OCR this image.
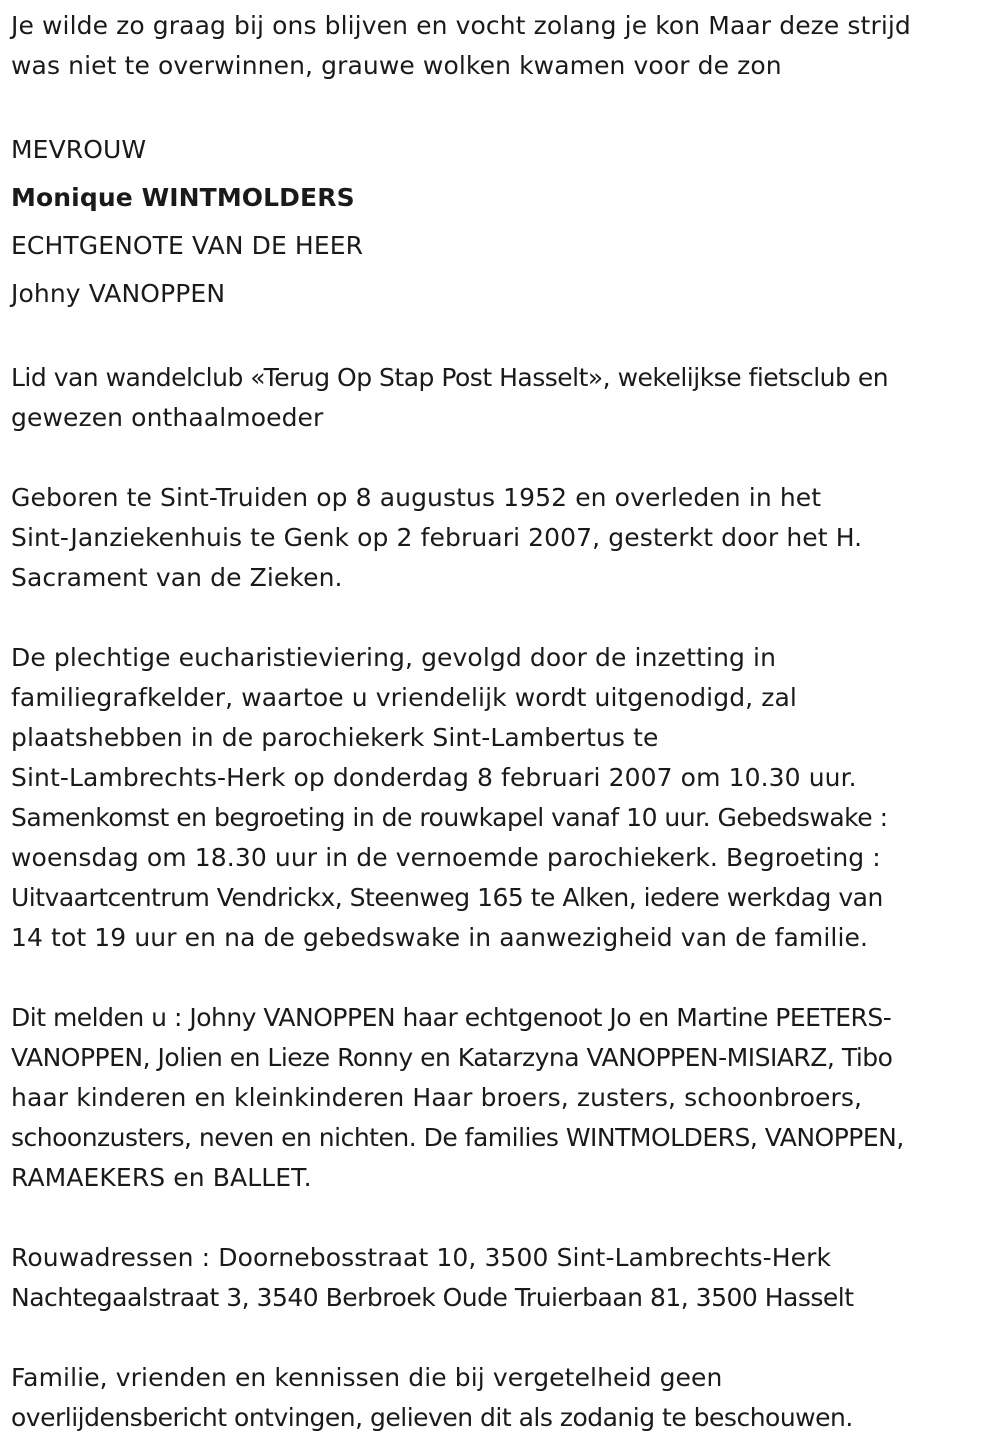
Je wilde zo graag bij ons blijven en vocht zolang je kon Maar deze strijd
was niet te overwinnen, grauwe wolken kwamen voor de zon
MEVROUW
Monique WINTMOLDERS
ECHTGENOTE VAN DE HEER
Johny VANOPPEN
Lid van wandelclub «Terug Op Stap Post Hasselt», wekelijkse fietsclub en
gewezen onthaalmoeder
Geboren te Sint-Truiden op 8 augustus 1952 en overleden in het
Sint-Janziekenhuis te Genk op 2 februari 2007, gesterkt door het H.
Sacrament van de Zieken.
De plechtige eucharistieviering, gevolgd door de inzetting in
familiegrafkelder, waartoe u vriendelijk wordt uitgenodigd, zal
plaatshebben in de parochiekerk Sint-Lambertus te
Sint-Lambrechts-Herk op donderdag 8 februari 2007 om 10.30 uur.
Samenkomst en begroeting in de rouwkapel vanaf 10 uur. Gebedswake :
woensdag om 18.30 uur in de vernoemde parochiekerk. Begroeting :
Uitvaartcentrum Vendrickx, Steenweg 165 te Alken, iedere werkdag van
14 tot 19 uur en na de gebedswake in aanwezigheid van de familie.
Dit melden u : Johny VANOPPEN haar echtgenoot Jo en Martine PEETERS-
VANOPPEN, Jolien en Lieze Ronny en Katarzyna VANOPPEN-MISIARZ, Tibo
haar kinderen en kleinkinderen Haar broers, zusters, schoonbroers,
schoonzusters, neven en nichten. De families WINTMOLDERS, VANOPPEN,
RAMAEKERS en BALLET.
Rouwadressen : Doornebosstraat 10, 3500 Sint-Lambrechts-Herk
Nachtegaalstraat 3, 3540 Berbroek Oude Truierbaan 81, 3500 Hasselt
Familie, vrienden en kennissen die bij vergetelheid geen
overlijdensbericht ontvingen, gelieven dit als zodanig te beschouwen.
